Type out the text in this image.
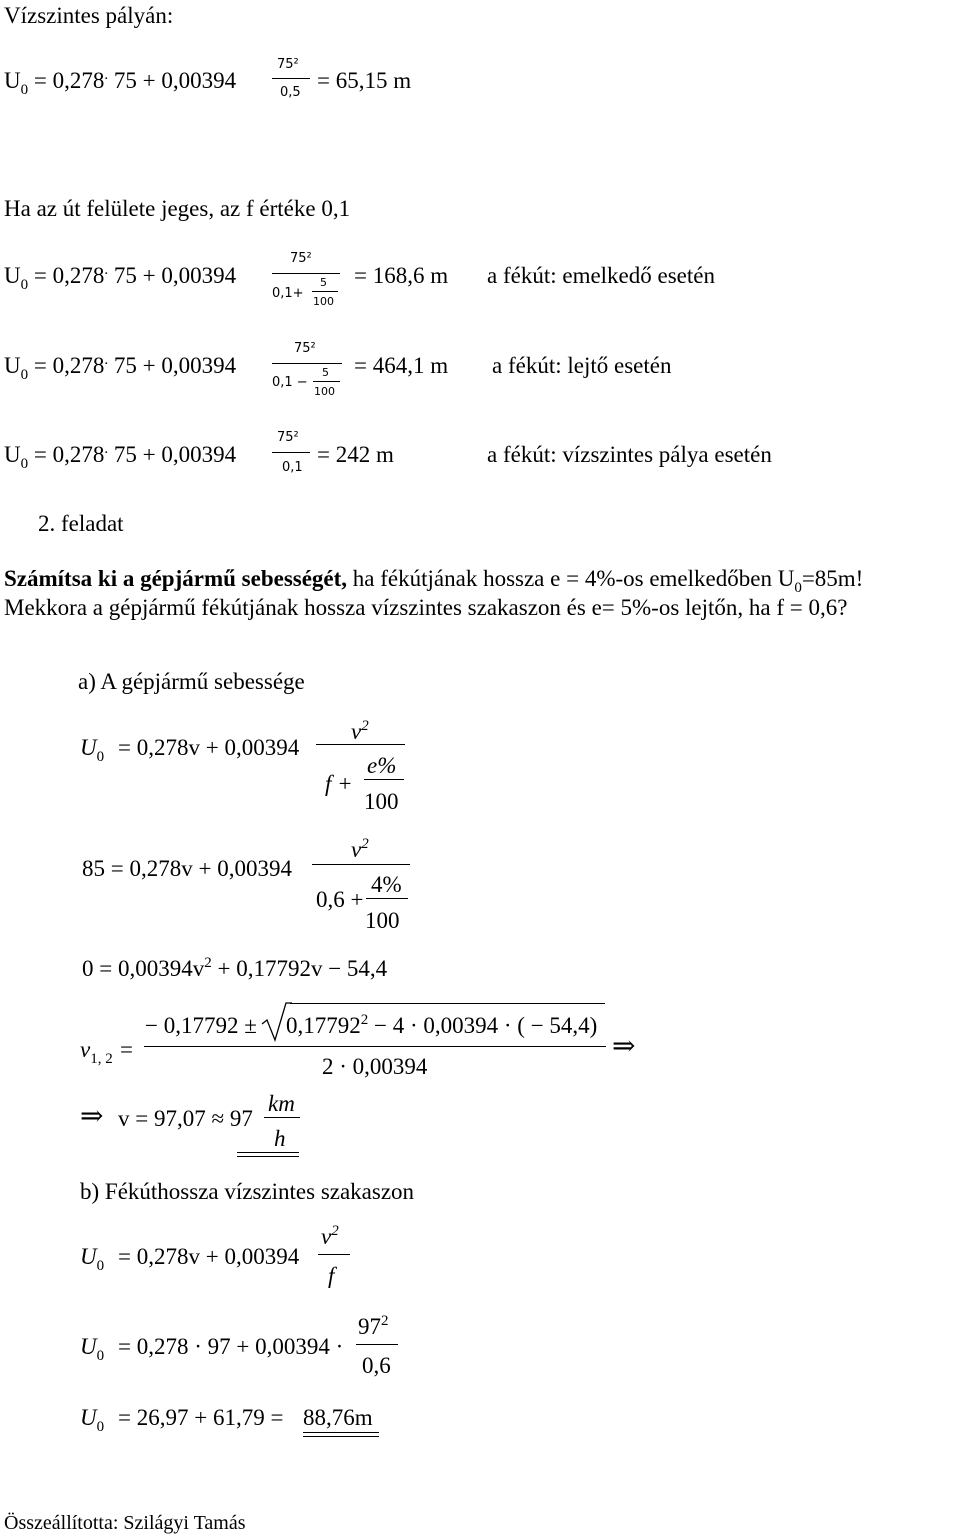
Vízszintes pályán:
$U_0 = 0,278^.$ 75 + 0,00394
75²
0,5 = 65,15 m
Ha az út felülete jeges, az f értéke 0,1
$U_0 = 0,278^.$ 75 + 0,00394
75²
0,1+
5
100
= 168,6 m a fékút: emelkedő esetén
$U_0 = 0,278^.$ 75 + 0,00394
75²
0,1 −
5
100
= 464,1 m a fékút: lejtő esetén
$U_0 = 0,278^.$ 75 + 0,00394
75²
0,1
= 242 m	a fékút: vízszintes pálya esetén
2. feladat
Számítsa ki a gépjármű sebességét, ha fékútjának hossza e = 4%-os emelkedőben $U_0=85m$!
Mekkora a gépjármű fékútjának hossza vízszintes szakaszon és e= 5%-os lejtőn, ha f = 0,6?
a) A gépjármű sebessége
$U_0 = 0,278v + 0,00394$
$v^2$
f +
e%
100
85 = 0,278v + 0,00394
$v^2$
0,6 +
4%
100
$0 = 0,00394v^2 + 0,17792v - 54,4$
$v_{1, 2}$ =
− $0,17792 \pm 0,17792^2 - 4 \cdot 0,00394$ · ( − 54,4)
2 · 0,00394
⇒
⇒ v = 97,07 ≈ 97
km
h
b) Fékúthossza vízszintes szakaszon
$U_0 = 0,278v + 0,00394$
$v^2$
f
$U_0 = 0,278 \cdot 97 + 0,00394$ ·
$97^2$
0,6
$U_0 = 26,97 + 61,79 = 88,76m$
Összeállította: Szilágyi Tamás
